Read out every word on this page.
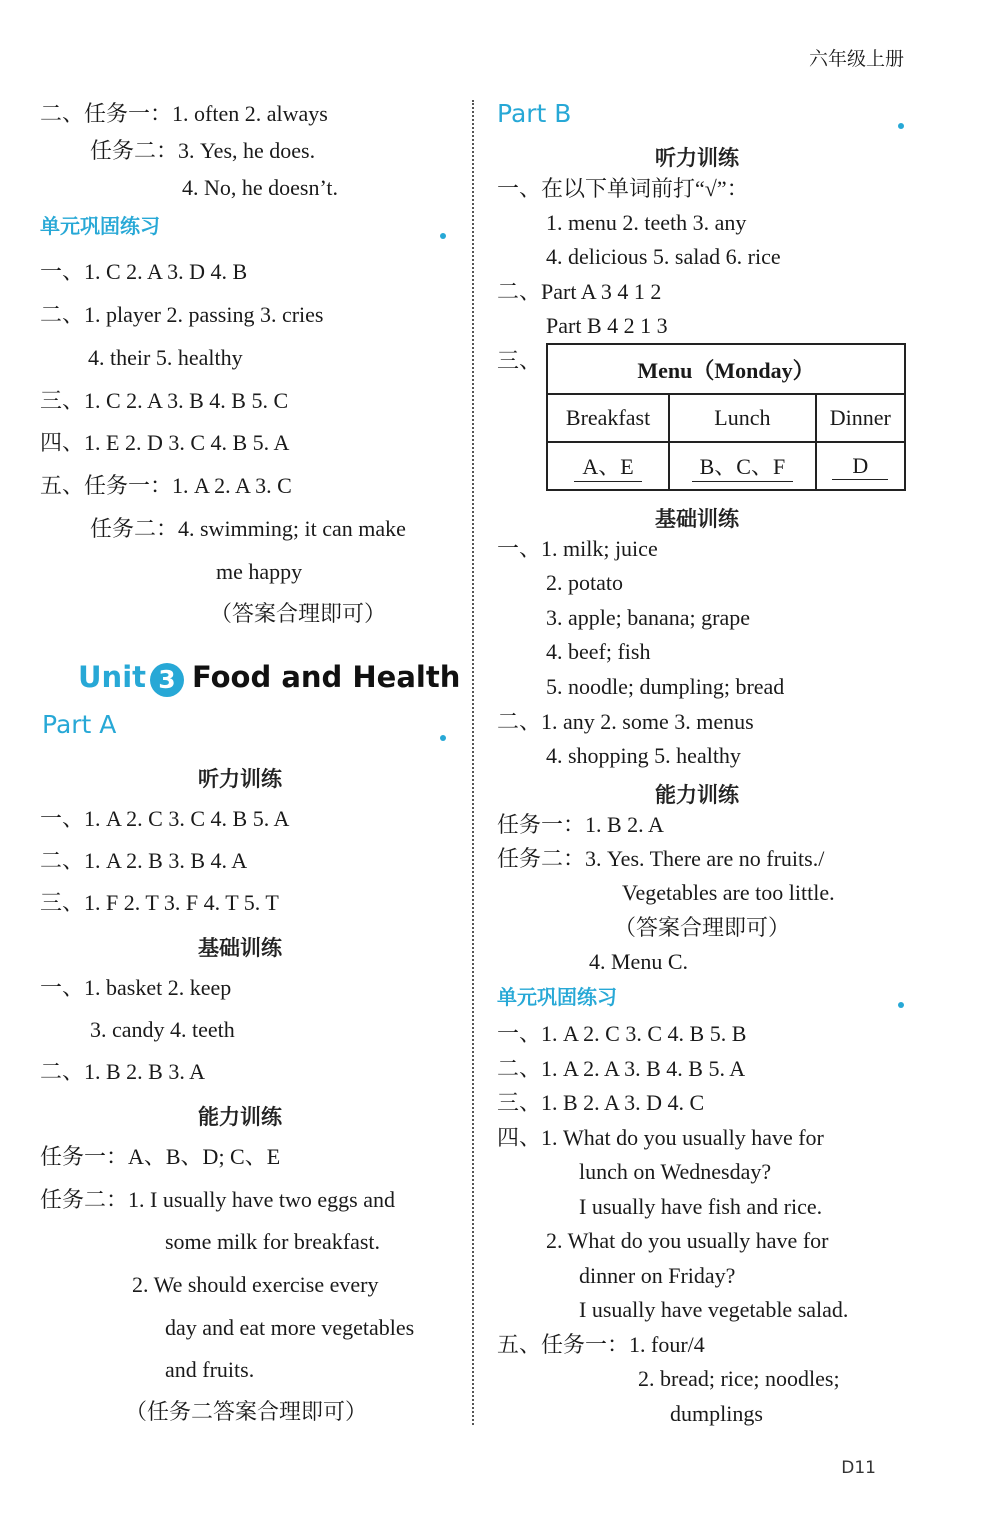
六年级上册
二、任务一：1. often 2. always
任务二：3. Yes, he does.
4. No, he doesn’t.
单元巩固练习
一、1. C 2. A 3. D 4. B
二、1. player 2. passing 3. cries
4. their 5. healthy
三、1. C 2. A 3. B 4. B 5. C
四、1. E 2. D 3. C 4. B 5. A
五、任务一：1. A 2. A 3. C
任务二：4. swimming; it can make
me happy
（答案合理即可）
Unit 3 Food and Health
Part A
听力训练
一、1. A 2. C 3. C 4. B 5. A
二、1. A 2. B 3. B 4. A
三、1. F 2. T 3. F 4. T 5. T
基础训练
一、1. basket 2. keep
3. candy 4. teeth
二、1. B 2. B 3. A
能力训练
任务一：A、B、D; C、E
任务二：1. I usually have two eggs and
some milk for breakfast.
2. We should exercise every
day and eat more vegetables
and fruits.
（任务二答案合理即可）
Part B
听力训练
一、在以下单词前打“√”：
1. menu 2. teeth 3. any
4. delicious 5. salad 6. rice
二、Part A 3 4 1 2
Part B 4 2 1 3
三、	Menu（Monday）		
Breakfast	Lunch	Dinner
A、E	B、C、F	D
基础训练
一、1. milk; juice
2. potato
3. apple; banana; grape
4. beef; fish
5. noodle; dumpling; bread
二、1. any 2. some 3. menus
4. shopping 5. healthy
能力训练
任务一：1. B 2. A
任务二：3. Yes. There are no fruits./
Vegetables are too little.
（答案合理即可）
4. Menu C.
单元巩固练习
一、1. A 2. C 3. C 4. B 5. B
二、1. A 2. A 3. B 4. B 5. A
三、1. B 2. A 3. D 4. C
四、1. What do you usually have for
lunch on Wednesday?
I usually have fish and rice.
2. What do you usually have for
dinner on Friday?
I usually have vegetable salad.
五、任务一：1. four/4
2. bread; rice; noodles;
dumplings
D11
